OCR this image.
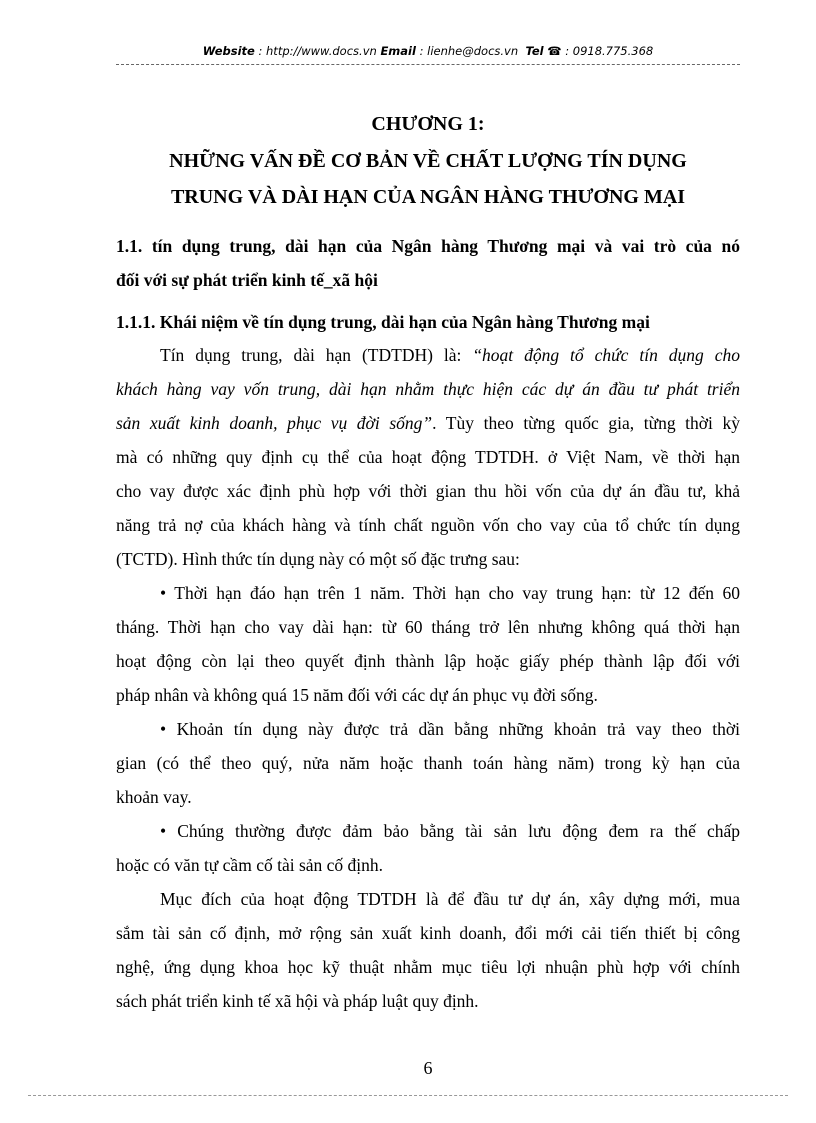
Website : http://www.docs.vn Email : lienhe@docs.vn Tel ☎ : 0918.775.368
CHƯƠNG 1:
NHỮNG VẤN ĐỀ CƠ BẢN VỀ CHẤT LƯỢNG TÍN DỤNG
TRUNG VÀ DÀI HẠN CỦA NGÂN HÀNG THƯƠNG MẠI
1.1. tín dụng trung, dài hạn của Ngân hàng Thương mại và vai trò của nó
đối với sự phát triển kinh tế_xã hội
1.1.1. Khái niệm về tín dụng trung, dài hạn của Ngân hàng Thương mại
Tín dụng trung, dài hạn (TDTDH) là: “hoạt động tổ chức tín dụng cho
khách hàng vay vốn trung, dài hạn nhằm thực hiện các dự án đầu tư phát triển
sản xuất kinh doanh, phục vụ đời sống”. Tùy theo từng quốc gia, từng thời kỳ
mà có những quy định cụ thể của hoạt động TDTDH. ở Việt Nam, về thời hạn
cho vay được xác định phù hợp với thời gian thu hồi vốn của dự án đầu tư, khả
năng trả nợ của khách hàng và tính chất nguồn vốn cho vay của tổ chức tín dụng
(TCTD). Hình thức tín dụng này có một số đặc trưng sau:
• Thời hạn đáo hạn trên 1 năm. Thời hạn cho vay trung hạn: từ 12 đến 60
tháng. Thời hạn cho vay dài hạn: từ 60 tháng trở lên nhưng không quá thời hạn
hoạt động còn lại theo quyết định thành lập hoặc giấy phép thành lập đối với
pháp nhân và không quá 15 năm đối với các dự án phục vụ đời sống.
• Khoản tín dụng này được trả dần bằng những khoản trả vay theo thời
gian (có thể theo quý, nửa năm hoặc thanh toán hàng năm) trong kỳ hạn của
khoản vay.
• Chúng thường được đảm bảo bằng tài sản lưu động đem ra thế chấp
hoặc có văn tự cầm cố tài sản cố định.
Mục đích của hoạt động TDTDH là để đầu tư dự án, xây dựng mới, mua
sắm tài sản cố định, mở rộng sản xuất kinh doanh, đổi mới cải tiến thiết bị công
nghệ, ứng dụng khoa học kỹ thuật nhằm mục tiêu lợi nhuận phù hợp với chính
sách phát triển kinh tế xã hội và pháp luật quy định.
6
